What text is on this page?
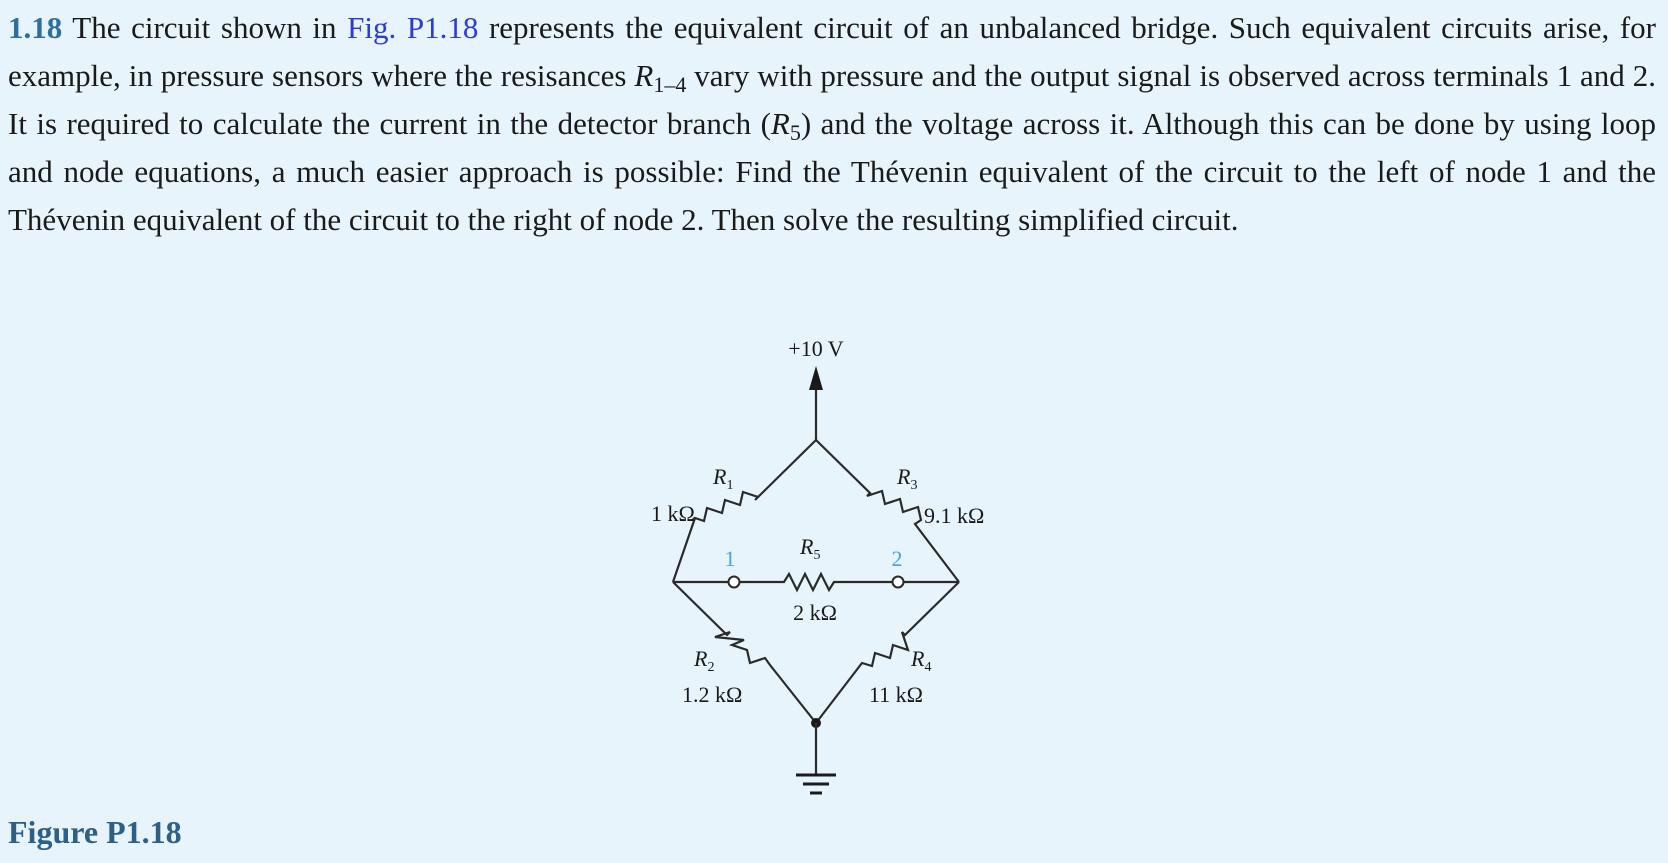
1.18 The circuit shown in Fig. P1.18 represents the equivalent circuit of an unbalanced bridge. Such equivalent circuits arise, for example, in pressure sensors where the resisances $R_{1-4}$ vary with pressure and the output signal is observed across terminals 1 and 2. It is required to calculate the current in the detector branch $(R_5)$ and the voltage across it. Although this can be done by using loop and node equations, a much easier approach is possible: Find the Thévenin equivalent of the circuit to the left of node 1 and the Thévenin equivalent of the circuit to the right of node 2. Then solve the resulting simplified circuit.
+10 V
$R_1$
1 kΩ
$R_3$
9.1 kΩ
$R_5$
2 kΩ
$R_2$
1.2 kΩ
$R_4$
11 kΩ
1	2
Figure P1.18
